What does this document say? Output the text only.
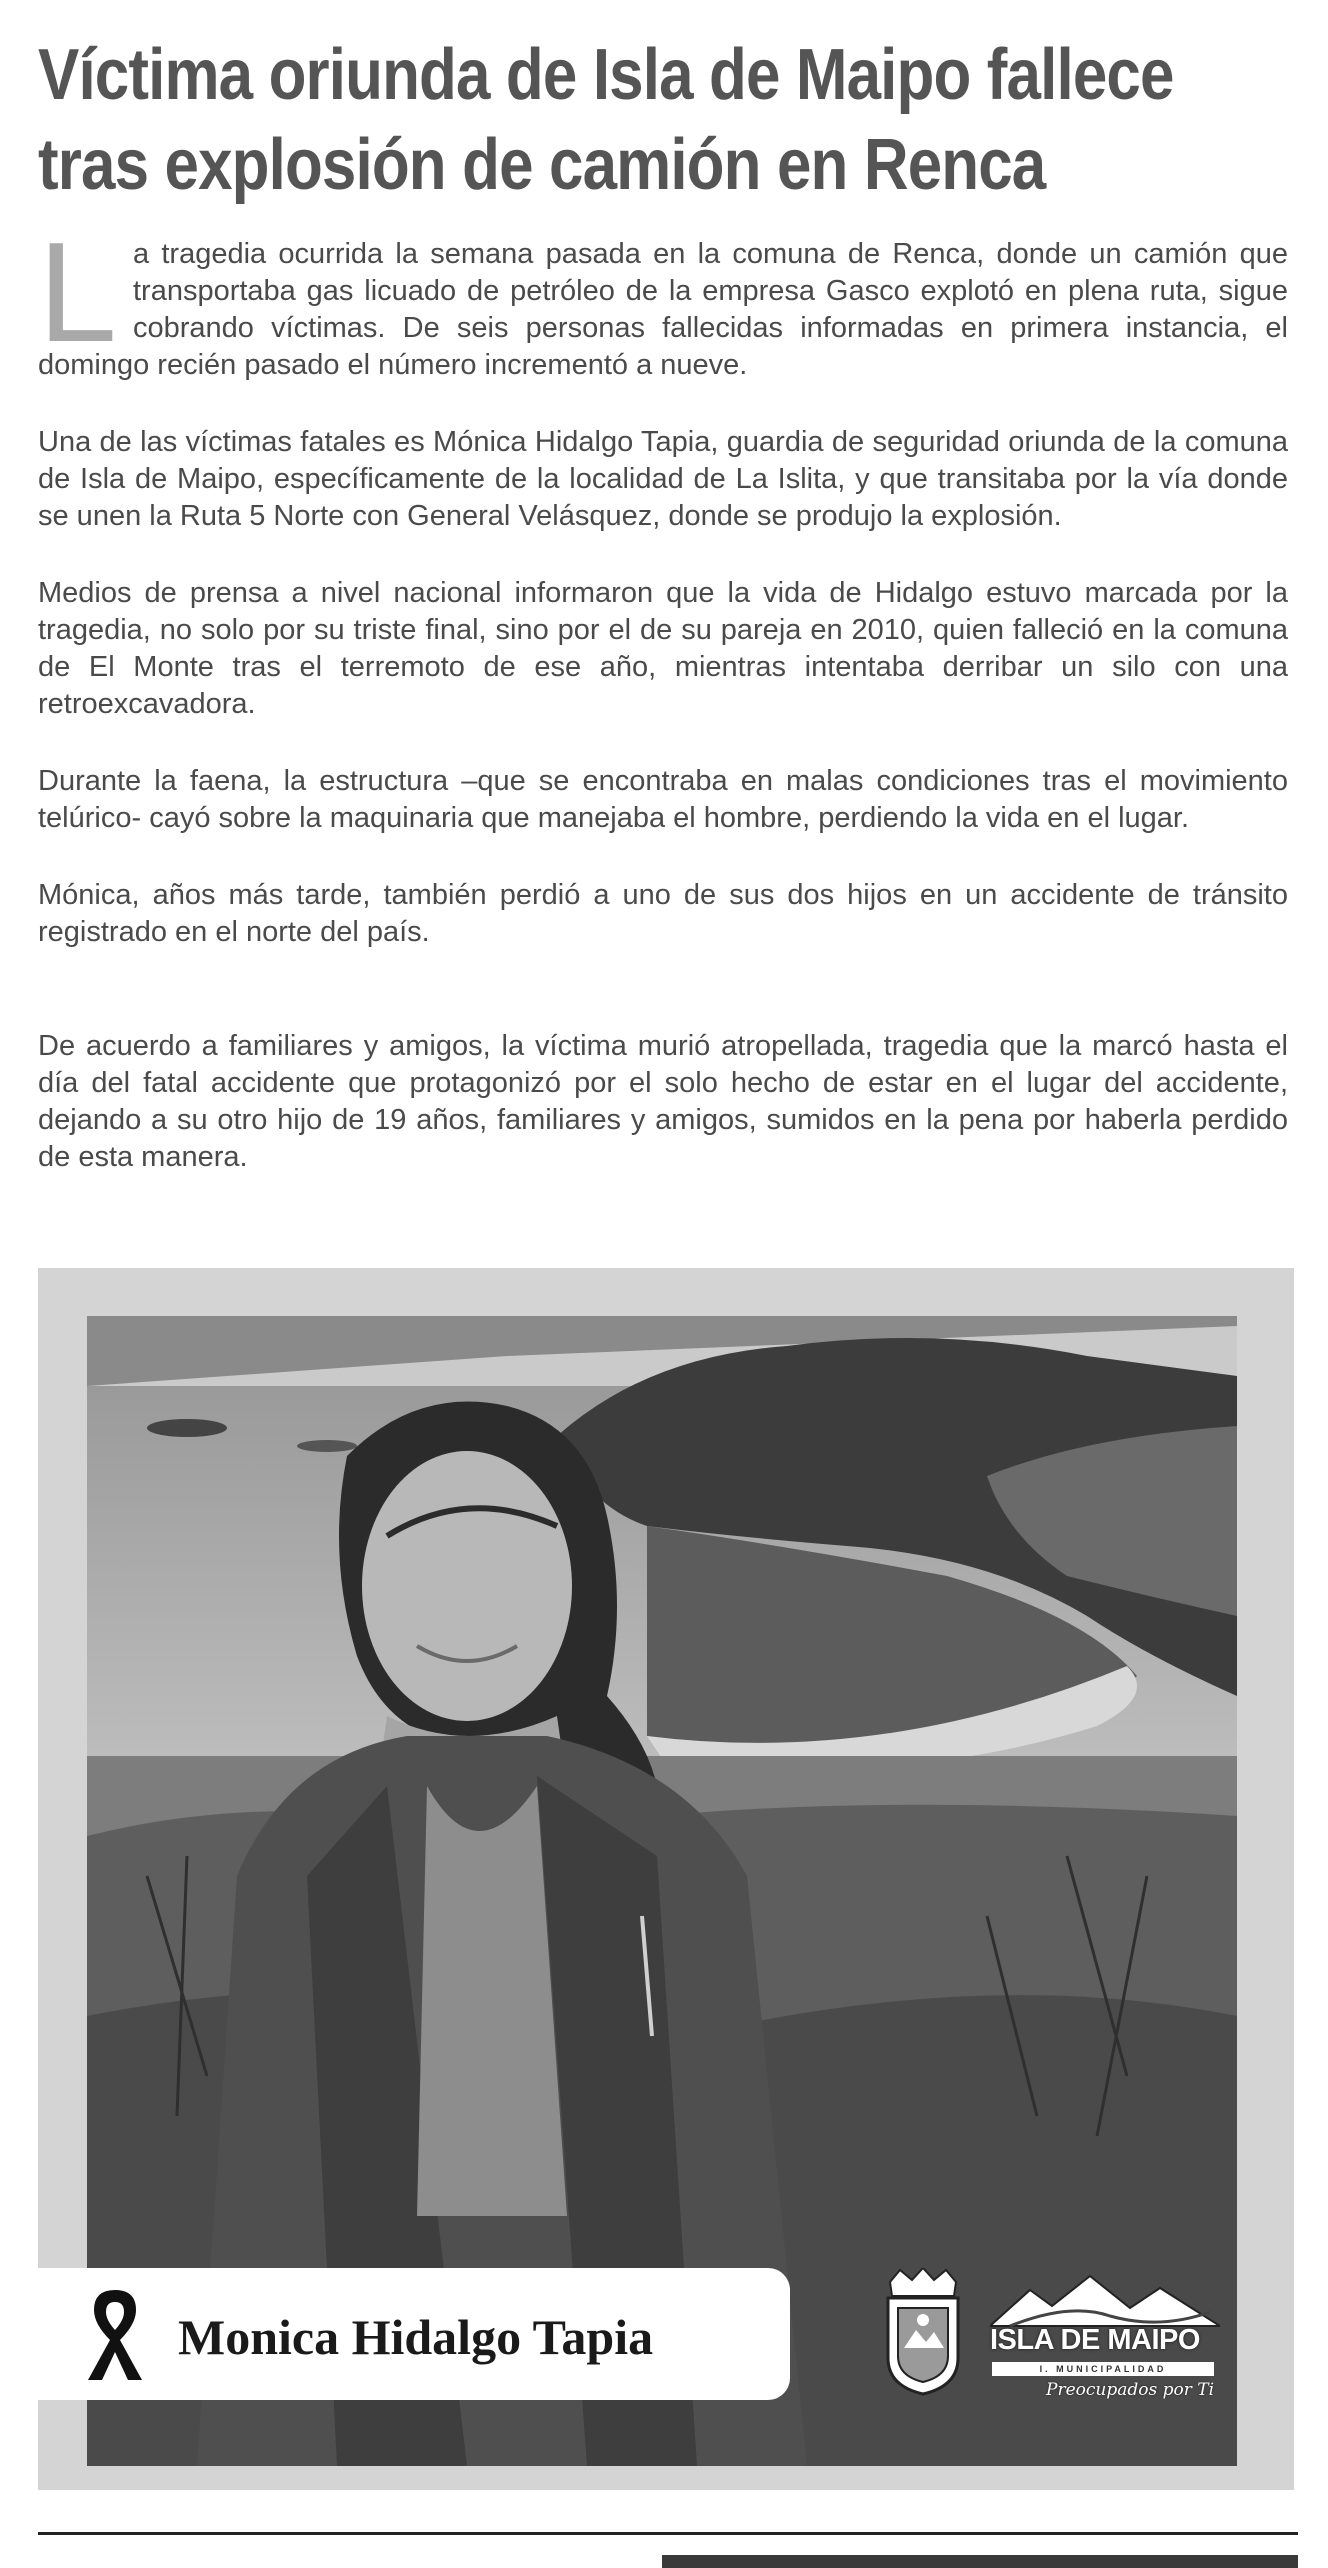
Víctima oriunda de Isla de Maipo fallece
tras explosión de camión en Renca

La tragedia ocurrida la semana pasada en la comuna de Renca, donde un camión que transportaba gas licuado de petróleo de la empresa Gasco explotó en plena ruta, sigue cobrando víctimas. De seis personas fallecidas informadas en primera instancia, el domingo recién pasado el número incrementó a nueve.

Una de las víctimas fatales es Mónica Hidalgo Tapia, guardia de seguridad oriunda de la comuna de Isla de Maipo, específicamente de la localidad de La Islita, y que transitaba por la vía donde se unen la Ruta 5 Norte con General Velásquez, donde se produjo la explosión.

Medios de prensa a nivel nacional informaron que la vida de Hidalgo estuvo marcada por la tragedia, no solo por su triste final, sino por el de su pareja en 2010, quien falleció en la comuna de El Monte tras el terremoto de ese año, mientras intentaba derribar un silo con una retroexcavadora.

Durante la faena, la estructura –que se encontraba en malas condiciones tras el movimiento telúrico- cayó sobre la maquinaria que manejaba el hombre, perdiendo la vida en el lugar.

Mónica, años más tarde, también perdió a uno de sus dos hijos en un accidente de tránsito registrado en el norte del país.

De acuerdo a familiares y amigos, la víctima murió atropellada, tragedia que la marcó hasta el día del fatal accidente que protagonizó por el solo hecho de estar en el lugar del accidente, dejando a su otro hijo de 19 años, familiares y amigos, sumidos en la pena por haberla perdido de esta manera.

Monica Hidalgo Tapia	ISLA DE MAIPO
I. MUNICIPALIDAD
Preocupados por Ti
